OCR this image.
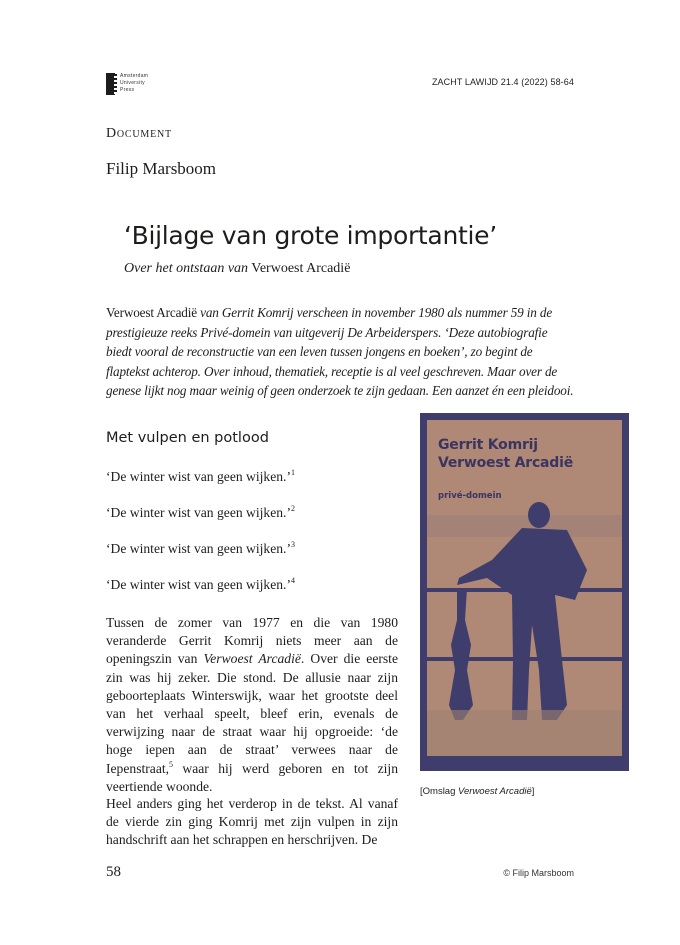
Amsterdam
University
Press
ZACHT LAWIJD 21.4 (2022) 58-64
Document
Filip Marsboom
‘Bijlage van grote importantie’
Over het ontstaan van Verwoest Arcadië
Verwoest Arcadië van Gerrit Komrij verscheen in november 1980 als nummer 59 in de prestigieuze reeks Privé-domein van uitgeverij De Arbeiderspers. ‘Deze autobiografie biedt vooral de reconstructie van een leven tussen jongens en boeken’, zo begint de flaptekst achterop. Over inhoud, thematiek, receptie is al veel geschreven. Maar over de genese lijkt nog maar weinig of geen onderzoek te zijn gedaan. Een aanzet én een pleidooi.
Met vulpen en potlood
‘De winter wist van geen wijken.’$^1$
‘De winter wist van geen wijken.’$^2$
‘De winter wist van geen wijken.’$^3$
‘De winter wist van geen wijken.’$^4$
Tussen de zomer van 1977 en die van 1980 veranderde Gerrit Komrij niets meer aan de openingszin van Verwoest Arcadië. Over die eerste zin was hij zeker. Die stond. De allusie naar zijn geboorteplaats Winterswijk, waar het grootste deel van het verhaal speelt, bleef erin, evenals de verwijzing naar de straat waar hij opgroeide: ‘de hoge iepen aan de straat’ verwees naar de Iepenstraat,$^5$ waar hij werd geboren en tot zijn veertiende woonde.
Heel anders ging het verderop in de tekst. Al vanaf de vierde zin ging Komrij met zijn vulpen in zijn handschrift aan het schrappen en herschrijven. De
Gerrit Komrij
Verwoest Arcadië
privé-domein
[Omslag Verwoest Arcadië]
58	© Filip Marsboom
